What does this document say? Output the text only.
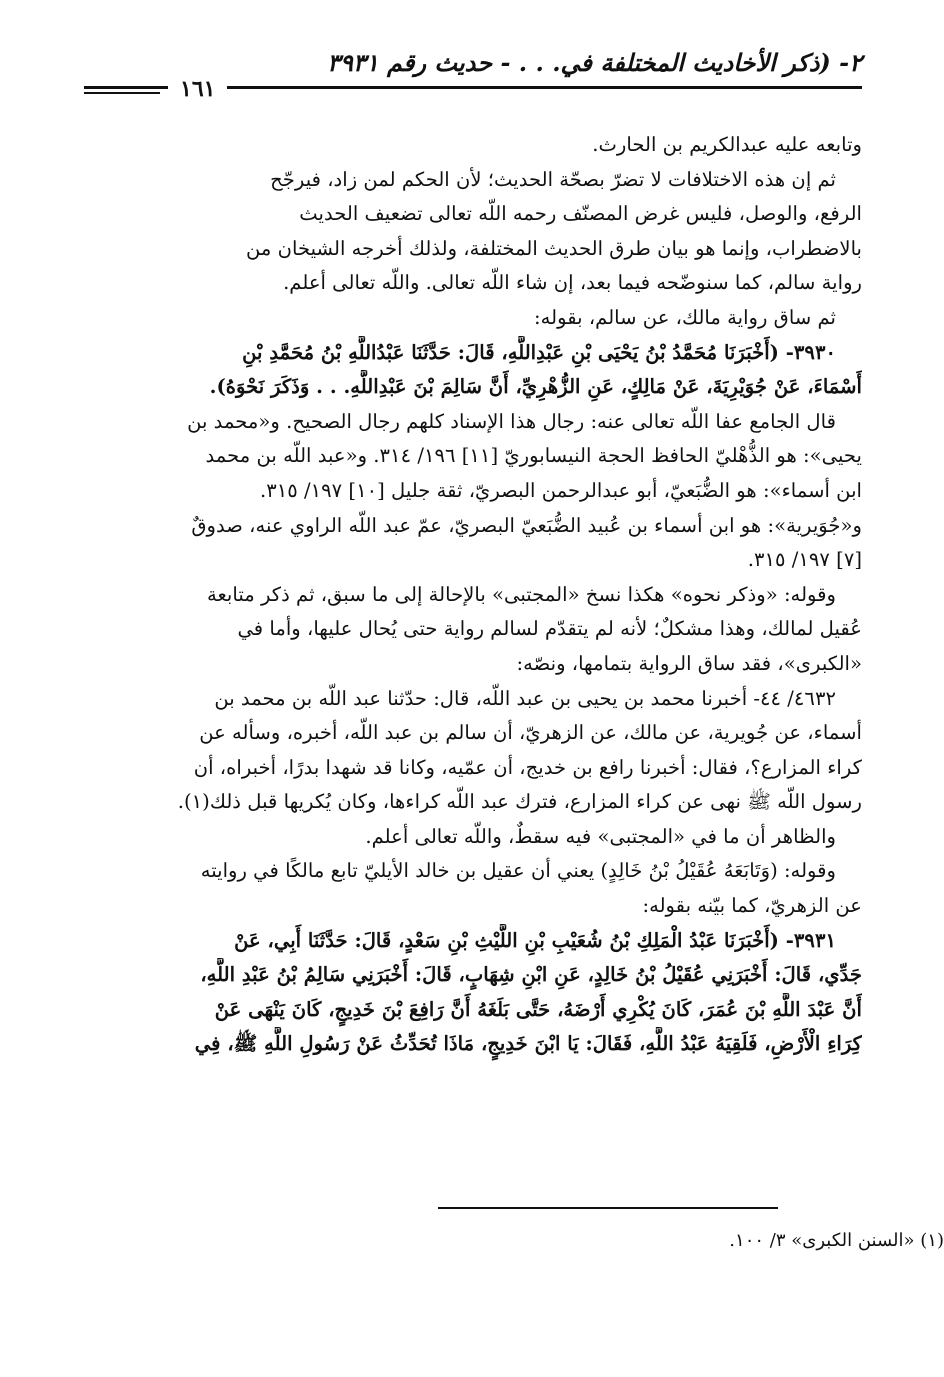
٢- (ذكر الأخاديث المختلفة في. . . - حديث رقم ٣٩٣١
١٦١

وتابعه عليه عبدالكريم بن الحارث.

ثم إن هذه الاختلافات لا تضرّ بصحّة الحديث؛ لأن الحكم لمن زاد، فيرجّح

الرفع، والوصل، فليس غرض المصنّف رحمه اللّه تعالى تضعيف الحديث

بالاضطراب، وإنما هو بيان طرق الحديث المختلفة، ولذلك أخرجه الشيخان من

رواية سالم، كما سنوضّحه فيما بعد، إن شاء اللّه تعالى. واللّه تعالى أعلم.

ثم ساق رواية مالك، عن سالم، بقوله:

٣٩٣٠- (أَخْبَرَنَا مُحَمَّدُ بْنُ يَحْيَى بْنِ عَبْدِاللَّهِ، قَالَ: حَدَّثَنَا عَبْدُاللَّهِ بْنُ مُحَمَّدِ بْنِ

أَسْمَاءَ، عَنْ جُوَيْرِيَةَ، عَنْ مَالِكٍ، عَنِ الزُّهْرِيِّ، أَنَّ سَالِمَ بْنَ عَبْدِاللَّهِ. . . وَذَكَرَ نَحْوَهُ).

قال الجامع عفا اللّه تعالى عنه: رجال هذا الإسناد كلهم رجال الصحيح. و«محمد بن

يحيى»: هو الذُّهْليّ الحافظ الحجة النيسابوريّ [١١] ١٩٦/ ٣١٤. و«عبد اللّه بن محمد

ابن أسماء»: هو الضُّبَعيّ، أبو عبدالرحمن البصريّ، ثقة جليل [١٠] ١٩٧/ ٣١٥.

و«جُوَيرية»: هو ابن أسماء بن عُبيد الضُّبَعيّ البصريّ، عمّ عبد اللّه الراوي عنه، صدوقٌ

[٧] ١٩٧/ ٣١٥.

وقوله: «وذكر نحوه» هكذا نسخ «المجتبى» بالإحالة إلى ما سبق، ثم ذكر متابعة

عُقيل لمالك، وهذا مشكلٌ؛ لأنه لم يتقدّم لسالم رواية حتى يُحال عليها، وأما في

«الكبرى»، فقد ساق الرواية بتمامها، ونصّه:

٤٦٣٢/ ٤٤- أخبرنا محمد بن يحيى بن عبد اللّه، قال: حدّثنا عبد اللّه بن محمد بن

أسماء، عن جُويرية، عن مالك، عن الزهريّ، أن سالم بن عبد اللّه، أخبره، وسأله عن

كراء المزارع؟، فقال: أخبرنا رافع بن خديج، أن عمّيه، وكانا قد شهدا بدرًا، أخبراه، أن

رسول اللّه ﷺ نهى عن كراء المزارع، فترك عبد اللّه كراءها، وكان يُكريها قبل ذلك(١).

والظاهر أن ما في «المجتبى» فيه سقطٌ، واللّه تعالى أعلم.

وقوله: (وَتَابَعَهُ عُقَيْلُ بْنُ خَالِدٍ) يعني أن عقيل بن خالد الأيليّ تابع مالكًا في روايته

عن الزهريّ، كما بيّنه بقوله:

٣٩٣١- (أَخْبَرَنَا عَبْدُ الْمَلِكِ بْنُ شُعَيْبِ بْنِ اللَّيْثِ بْنِ سَعْدٍ، قَالَ: حَدَّثَنَا أَبِي، عَنْ

جَدِّي، قَالَ: أَخْبَرَنِي عُقَيْلُ بْنُ خَالِدٍ، عَنِ ابْنِ شِهَابٍ، قَالَ: أَخْبَرَنِي سَالِمُ بْنُ عَبْدِ اللَّهِ،

أَنَّ عَبْدَ اللَّهِ بْنَ عُمَرَ، كَانَ يُكْرِي أَرْضَهُ، حَتَّى بَلَغَهُ أَنَّ رَافِعَ بْنَ خَدِيجٍ، كَانَ يَنْهَى عَنْ

كِرَاءِ الْأَرْضِ، فَلَقِيَهُ عَبْدُ اللَّهِ، فَقَالَ: يَا ابْنَ خَدِيجٍ، مَاذَا تُحَدِّثُ عَنْ رَسُولِ اللَّهِ ﷺ، فِي

(١) «السنن الكبرى» ٣/ ١٠٠.
